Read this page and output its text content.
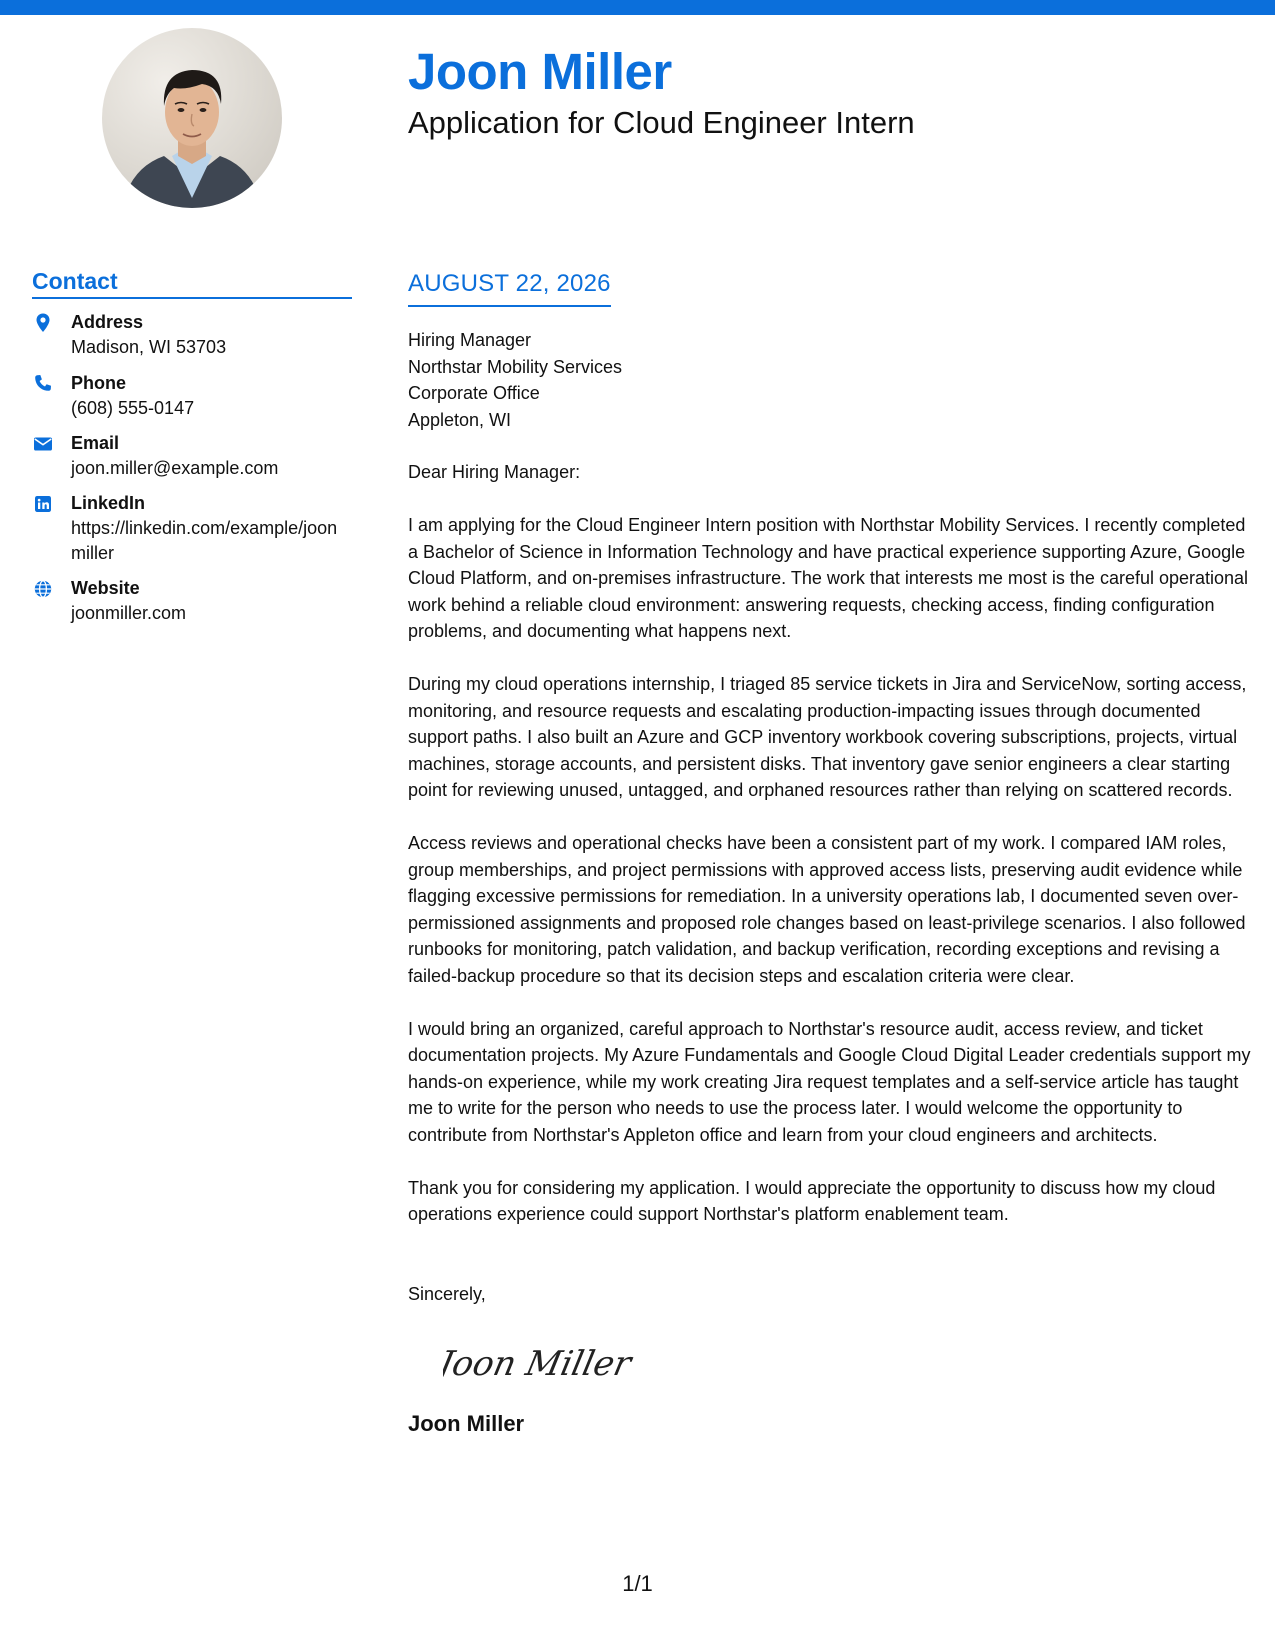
Joon Miller
Application for Cloud Engineer Intern
Contact
Address
Madison, WI 53703
Phone
(608) 555-0147
Email
joon.miller@example.com
LinkedIn
https://linkedin.com/example/joonmiller
Website
joonmiller.com
AUGUST 22, 2026
Hiring Manager
Northstar Mobility Services
Corporate Office
Appleton, WI
Dear Hiring Manager:

I am applying for the Cloud Engineer Intern position with Northstar Mobility Services. I recently completed a Bachelor of Science in Information Technology and have practical experience supporting Azure, Google Cloud Platform, and on-premises infrastructure. The work that interests me most is the careful operational work behind a reliable cloud environment: answering requests, checking access, finding configuration problems, and documenting what happens next.

During my cloud operations internship, I triaged 85 service tickets in Jira and ServiceNow, sorting access, monitoring, and resource requests and escalating production-impacting issues through documented support paths. I also built an Azure and GCP inventory workbook covering subscriptions, projects, virtual machines, storage accounts, and persistent disks. That inventory gave senior engineers a clear starting point for reviewing unused, untagged, and orphaned resources rather than relying on scattered records.

Access reviews and operational checks have been a consistent part of my work. I compared IAM roles, group memberships, and project permissions with approved access lists, preserving audit evidence while flagging excessive permissions for remediation. In a university operations lab, I documented seven over-permissioned assignments and proposed role changes based on least-privilege scenarios. I also followed runbooks for monitoring, patch validation, and backup verification, recording exceptions and revising a failed-backup procedure so that its decision steps and escalation criteria were clear.

I would bring an organized, careful approach to Northstar's resource audit, access review, and ticket documentation projects. My Azure Fundamentals and Google Cloud Digital Leader credentials support my hands-on experience, while my work creating Jira request templates and a self-service article has taught me to write for the person who needs to use the process later. I would welcome the opportunity to contribute from Northstar's Appleton office and learn from your cloud engineers and architects.

Thank you for considering my application. I would appreciate the opportunity to discuss how my cloud operations experience could support Northstar's platform enablement team.

Sincerely,
Joon Miller
Joon Miller
1/1
